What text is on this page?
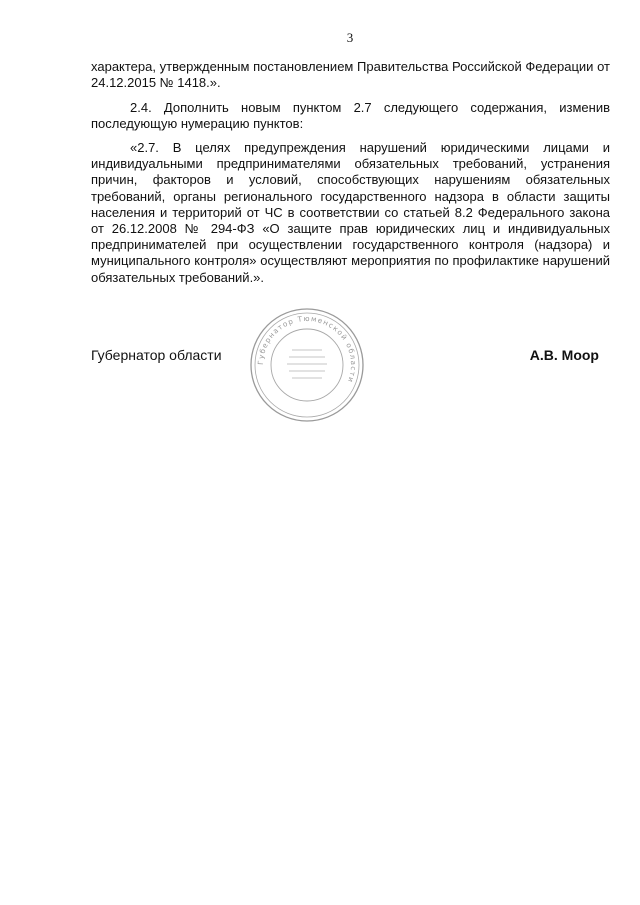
3
характера, утвержденным постановлением Правительства Российской Федерации от 24.12.2015 № 1418.».
2.4. Дополнить новым пунктом 2.7 следующего содержания, изменив последующую нумерацию пунктов:
«2.7. В целях предупреждения нарушений юридическими лицами и индивидуальными предпринимателями обязательных требований, устранения причин, факторов и условий, способствующих нарушениям обязательных требований, органы регионального государственного надзора в области защиты населения и территорий от ЧС в соответствии со статьей 8.2 Федерального закона от 26.12.2008 № 294-ФЗ «О защите прав юридических лиц и индивидуальных предпринимателей при осуществлении государственного контроля (надзора) и муниципального контроля» осуществляют мероприятия по профилактике нарушений обязательных требований.».
Губернатор области	Губернатор Тюменской области
А.В. Моор
